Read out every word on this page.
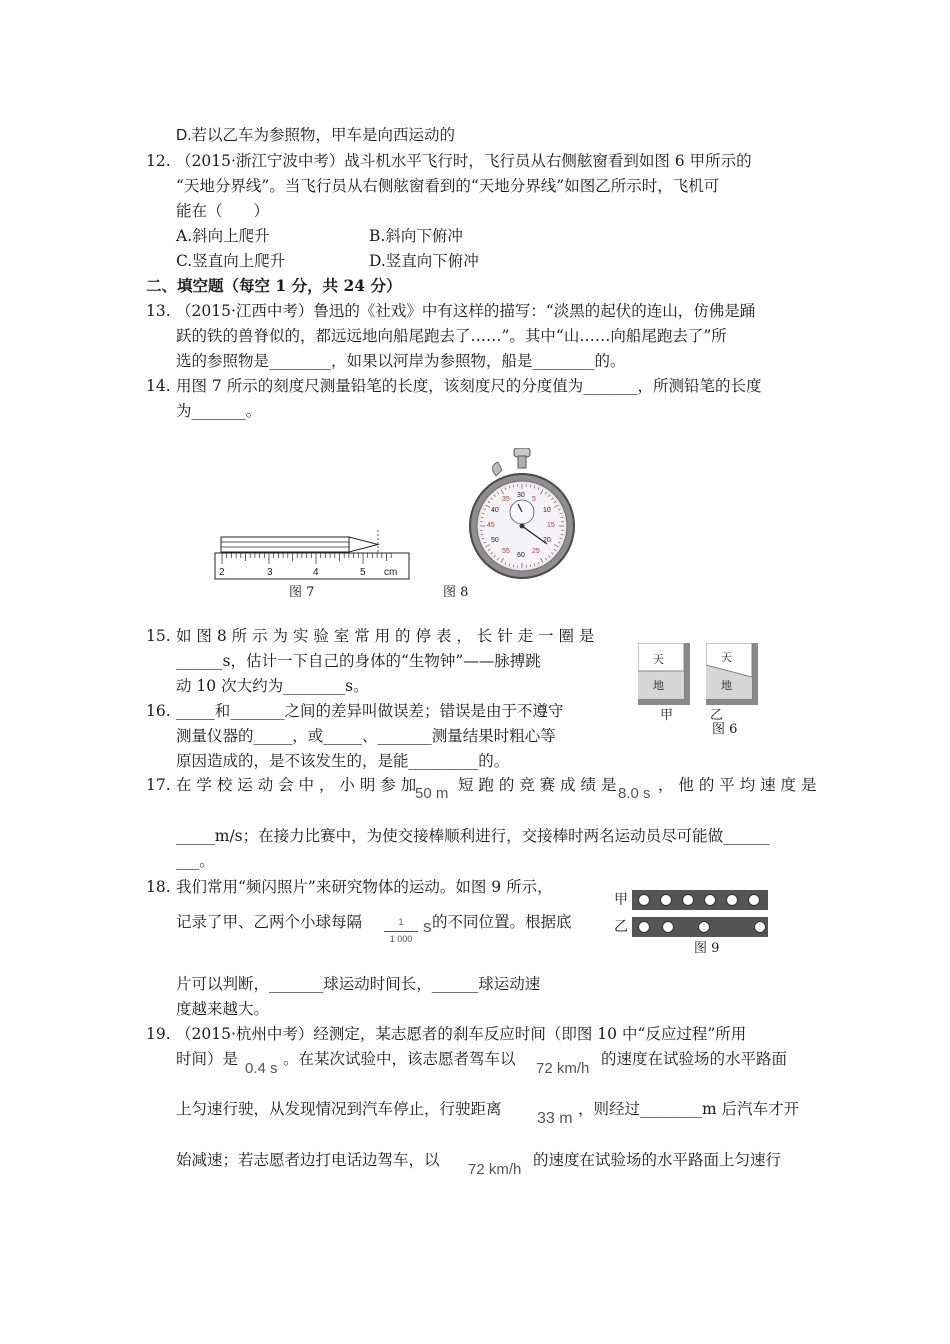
D.若以乙车为参照物，甲车是向西运动的
12. （2015·浙江宁波中考）战斗机水平飞行时，飞行员从右侧舷窗看到如图 6 甲所示的
“天地分界线”。当飞行员从右侧舷窗看到的“天地分界线”如图乙所示时，飞机可
能在（　　）
A.斜向上爬升	B.斜向下俯冲
C.竖直向上爬升	D.竖直向下俯冲
二、填空题（每空 1 分，共 24 分）
13. （2015·江西中考）鲁迅的《社戏》中有这样的描写：“淡黑的起伏的连山，仿佛是踊
跃的铁的兽脊似的，都远远地向船尾跑去了……”。其中“山……向船尾跑去了”所
选的参照物是________，如果以河岸为参照物，船是________的。
14. 用图 7 所示的刻度尺测量铅笔的长度，该刻度尺的分度值为_______，所测铅笔的长度
为_______。
2	3	4	5 cm
图 7
30
5
10
15
20
25
60
55
50
45
40
35
图 8
15. 如 图 8 所 示 为 实 验 室 常 用 的 停 表 ， 长 针 走 一 圈 是
______s，估计一下自己的身体的“生物钟”——脉搏跳
动 10 次大约为________s。
天
地
天
地
甲	乙
图 6
16. _____和_______之间的差异叫做误差；错误是由于不遵守
测量仪器的_____，或_____、_______测量结果时粗心等
原因造成的，是不该发生的，是能_________的。
17. 在 学 校 运 动 会 中 ， 小 明 参 加
50 m 短 跑 的 竞 赛 成 绩 是 8.0 s ， 他 的 平 均 速 度 是
_____m/s；在接力比赛中，为使交接棒顺利进行，交接棒时两名运动员尽可能做______
___。
18. 我们常用“频闪照片”来研究物体的运动。如图 9 所示，
记录了甲、乙两个小球每隔	1
1 000
s 的不同位置。根据底
片可以判断，_______球运动时间长，______球运动速
度越来越大。
甲
乙
图 9
19. （2015·杭州中考）经测定，某志愿者的刹车反应时间（即图 10 中“反应过程”所用
时间）是
0.4 s
。在某次试验中，该志愿者驾车以
72 km/h
的速度在试验场的水平路面
上匀速行驶，从发现情况到汽车停止，行驶距离
33 m
，则经过________m 后汽车才开
始减速；若志愿者边打电话边驾车，以
72 km/h
的速度在试验场的水平路面上匀速行
